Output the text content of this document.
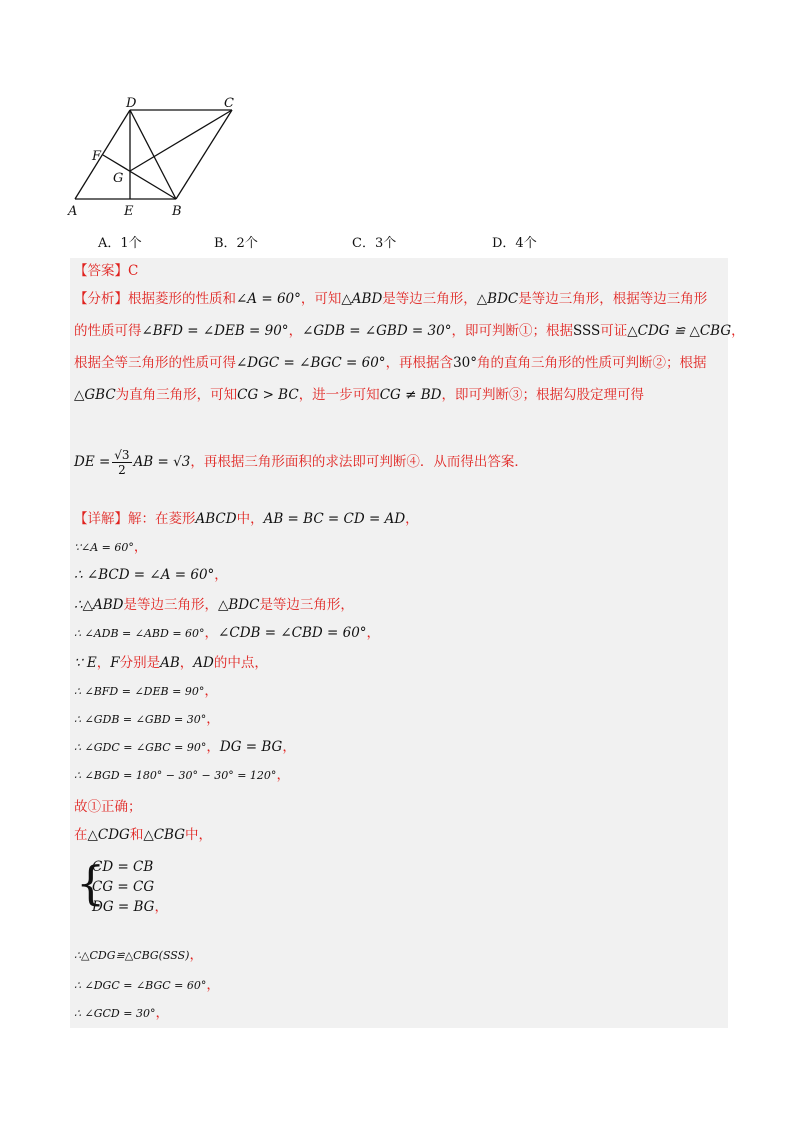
A	E	B
C
D
F
G
A．1个	B．2个	C．3个	D．4个
【答案】C
【分析】根据菱形的性质和∠A = 60°，可知△ABD是等边三角形，△BDC是等边三角形，根据等边三角形
的性质可得∠BFD = ∠DEB = 90°，∠GDB = ∠GBD = 30°，即可判断①；根据SSS可证△CDG ≌ △CBG，
根据全等三角形的性质可得∠DGC = ∠BGC = 60°，再根据含30°角的直角三角形的性质可判断②；根据
△GBC为直角三角形，可知CG > BC，进一步可知CG ≠ BD，即可判断③；根据勾股定理可得
DE = $\frac{√3}{2}$ AB = √3，再根据三角形面积的求法即可判断④．从而得出答案．
【详解】解：在菱形ABCD中，AB = BC = CD = AD，
∵∠A = 60°，
∴ ∠BCD = ∠A = 60°，
∴△ABD是等边三角形，△BDC是等边三角形，
∴ ∠ADB = ∠ABD = 60°，∠CDB = ∠CBD = 60°，
∵ E，F分别是AB，AD的中点，
∴ ∠BFD = ∠DEB = 90°，
∴ ∠GDB = ∠GBD = 30°，
∴ ∠GDC = ∠GBC = 90°，DG = BG，
∴ ∠BGD = 180° − 30° − 30° = 120°，
故①正确；
在△CDG和△CBG中，
{
CD = CB
CG = CG
DG = BG，
∴△CDG≌△CBG(SSS)，
∴ ∠DGC = ∠BGC = 60°，
∴ ∠GCD = 30°，
